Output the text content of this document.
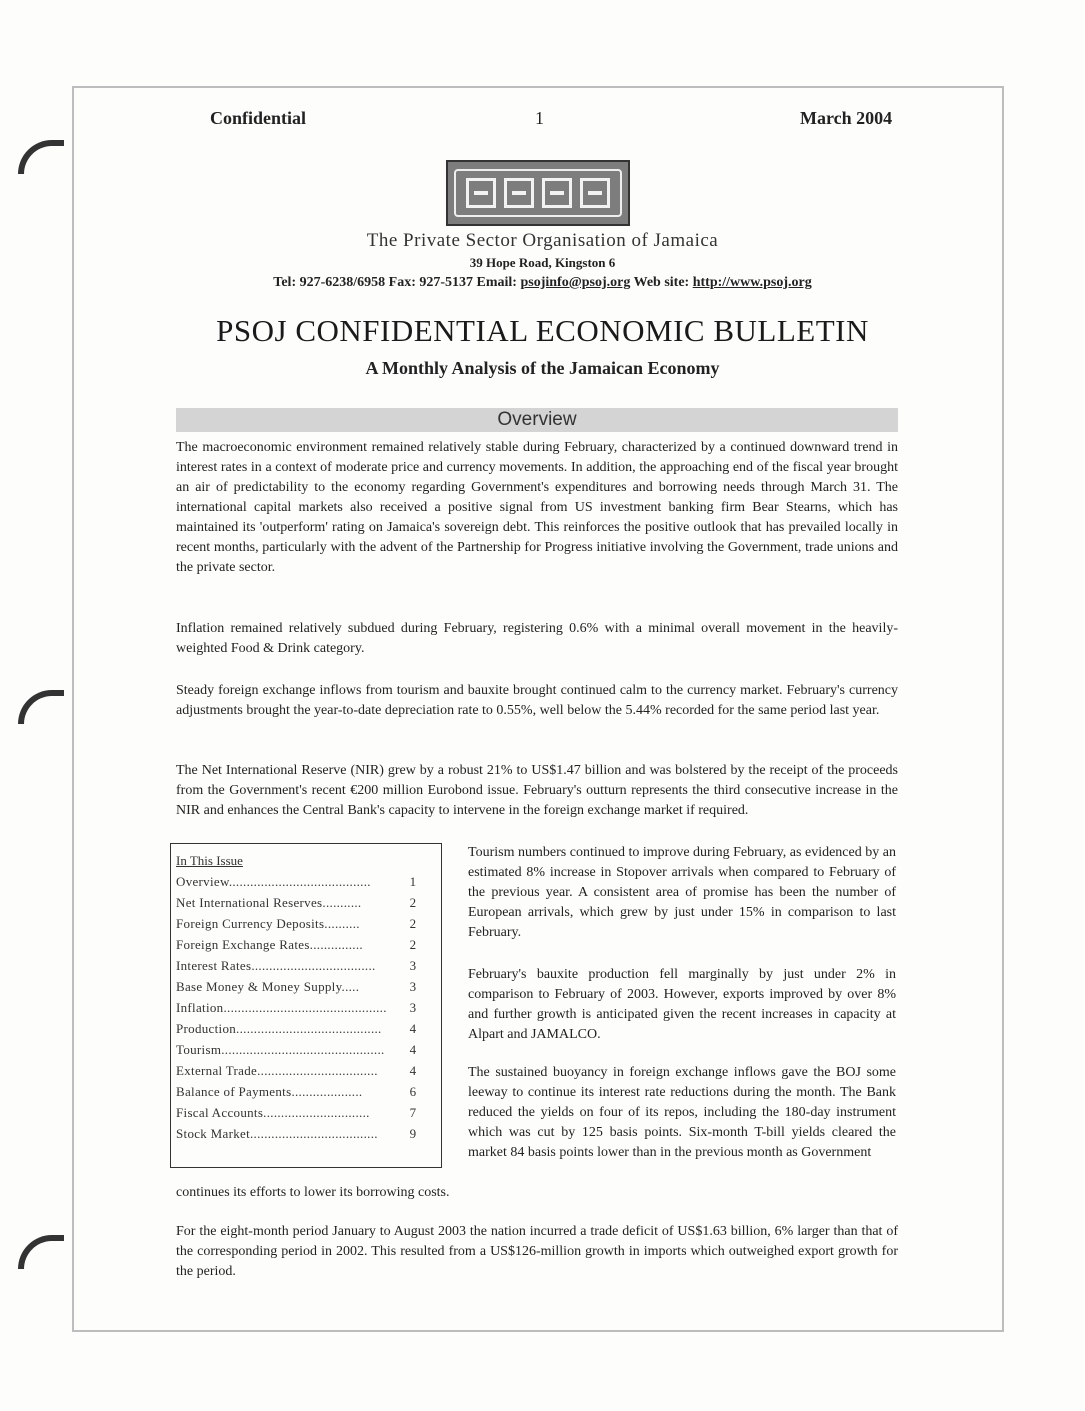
Confidential	1	March 2004
The Private Sector Organisation of Jamaica
39 Hope Road, Kingston 6
Tel: 927-6238/6958 Fax: 927-5137 Email: psojinfo@psoj.org Web site: http://www.psoj.org
PSOJ CONFIDENTIAL ECONOMIC BULLETIN
A Monthly Analysis of the Jamaican Economy
Overview

The macroeconomic environment remained relatively stable during February, characterized by a continued downward trend in interest rates in a context of moderate price and currency movements. In addition, the approaching end of the fiscal year brought an air of predictability to the economy regarding Government's expenditures and borrowing needs through March 31. The international capital markets also received a positive signal from US investment banking firm Bear Stearns, which has maintained its 'outperform' rating on Jamaica's sovereign debt. This reinforces the positive outlook that has prevailed locally in recent months, particularly with the advent of the Partnership for Progress initiative involving the Government, trade unions and the private sector.

Inflation remained relatively subdued during February, registering 0.6% with a minimal overall movement in the heavily-weighted Food & Drink category.

Steady foreign exchange inflows from tourism and bauxite brought continued calm to the currency market. February's currency adjustments brought the year-to-date depreciation rate to 0.55%, well below the 5.44% recorded for the same period last year.

The Net International Reserve (NIR) grew by a robust 21% to US$1.47 billion and was bolstered by the receipt of the proceeds from the Government's recent €200 million Eurobond issue. February's outturn represents the third consecutive increase in the NIR and enhances the Central Bank's capacity to intervene in the foreign exchange market if required.

In This Issue
Overview........................................	1
Net International Reserves...........	2
Foreign Currency Deposits..........	2
Foreign Exchange Rates...............	2
Interest Rates...................................	3
Base Money & Money Supply.....	3
Inflation..............................................	3
Production.........................................	4
Tourism..............................................	4
External Trade..................................	4
Balance of Payments....................	6
Fiscal Accounts..............................	7
Stock Market....................................	9

Tourism numbers continued to improve during February, as evidenced by an estimated 8% increase in Stopover arrivals when compared to February of the previous year. A consistent area of promise has been the number of European arrivals, which grew by just under 15% in comparison to last February.

February's bauxite production fell marginally by just under 2% in comparison to February of 2003. However, exports improved by over 8% and further growth is anticipated given the recent increases in capacity at Alpart and JAMALCO.

The sustained buoyancy in foreign exchange inflows gave the BOJ some leeway to continue its interest rate reductions during the month. The Bank reduced the yields on four of its repos, including the 180-day instrument which was cut by 125 basis points. Six-month T-bill yields cleared the market 84 basis points lower than in the previous month as Government

continues its efforts to lower its borrowing costs.

For the eight-month period January to August 2003 the nation incurred a trade deficit of US$1.63 billion, 6% larger than that of the corresponding period in 2002. This resulted from a US$126-million growth in imports which outweighed export growth for the period.
